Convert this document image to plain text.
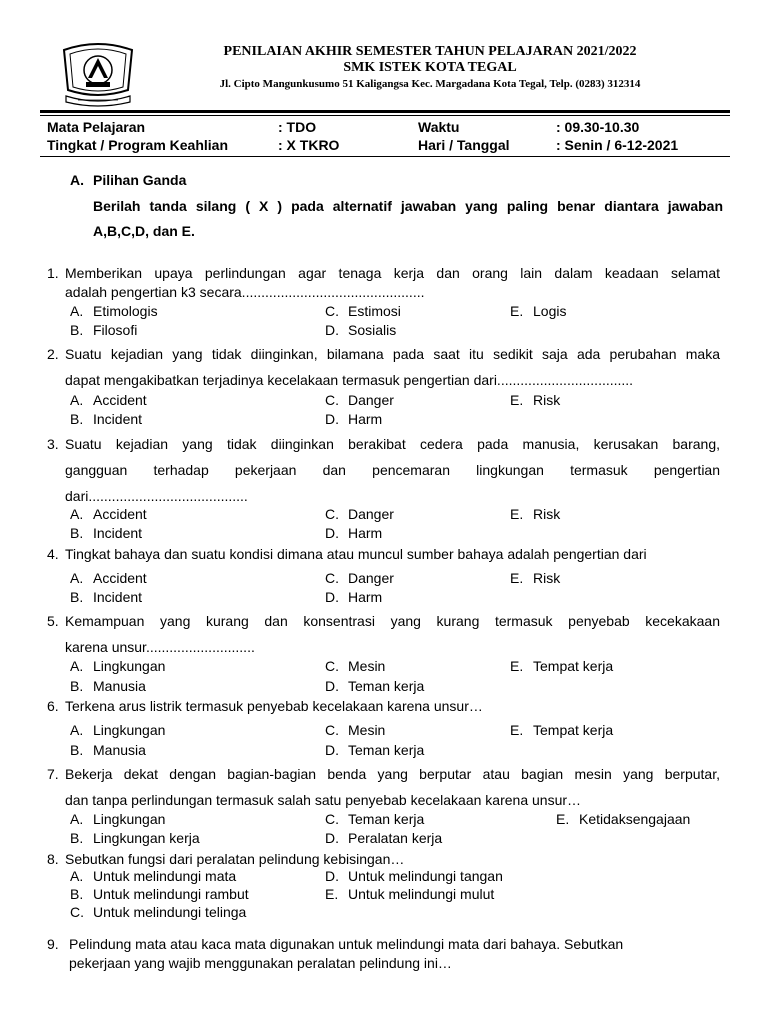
PENILAIAN AKHIR SEMESTER TAHUN PELAJARAN 2021/2022
SMK ISTEK KOTA TEGAL
Jl. Cipto Mangunkusumo 51 Kaligangsa Kec. Margadana Kota Tegal, Telp. (0283) 312314
Mata Pelajaran	: TDO	Waktu	: 09.30-10.30
Tingkat / Program Keahlian	: X TKRO	Hari / Tanggal	: Senin / 6-12-2021
A. Pilihan Ganda
Berilah tanda silang ( X ) pada alternatif jawaban yang paling benar diantara jawaban
A,B,C,D, dan E.
1. Memberikan upaya perlindungan agar tenaga kerja dan orang lain dalam keadaan selamat
adalah pengertian k3 secara...............................................
A. Etimologis
B. Filosofi
C. Estimosi
D. Sosialis
E. Logis
2. Suatu kejadian yang tidak diinginkan, bilamana pada saat itu sedikit saja ada perubahan maka
dapat mengakibatkan terjadinya kecelakaan termasuk pengertian dari...................................
A. Accident
B. Incident
C. Danger
D. Harm
E. Risk
3. Suatu kejadian yang tidak diinginkan berakibat cedera pada manusia, kerusakan barang,
gangguan terhadap pekerjaan dan pencemaran lingkungan termasuk pengertian
dari.........................................
A. Accident
B. Incident
C. Danger
D. Harm
E. Risk
4. Tingkat bahaya dan suatu kondisi dimana atau muncul sumber bahaya adalah pengertian dari
A. Accident
B. Incident
C. Danger
D. Harm
E. Risk
5. Kemampuan yang kurang dan konsentrasi yang kurang termasuk penyebab kecekakaan
karena unsur............................
A. Lingkungan
B. Manusia
C. Mesin
D. Teman kerja
E. Tempat kerja
6. Terkena arus listrik termasuk penyebab kecelakaan karena unsur…
A. Lingkungan
B. Manusia
C. Mesin
D. Teman kerja
E. Tempat kerja
7. Bekerja dekat dengan bagian-bagian benda yang berputar atau bagian mesin yang berputar,
dan tanpa perlindungan termasuk salah satu penyebab kecelakaan karena unsur…
A. Lingkungan
B. Lingkungan kerja
C. Teman kerja
D. Peralatan kerja
E. Ketidaksengajaan
8. Sebutkan fungsi dari peralatan pelindung kebisingan…
A. Untuk melindungi mata
B. Untuk melindungi rambut
C. Untuk melindungi telinga
D. Untuk melindungi tangan
E. Untuk melindungi mulut
9. Pelindung mata atau kaca mata digunakan untuk melindungi mata dari bahaya. Sebutkan
pekerjaan yang wajib menggunakan peralatan pelindung ini…
